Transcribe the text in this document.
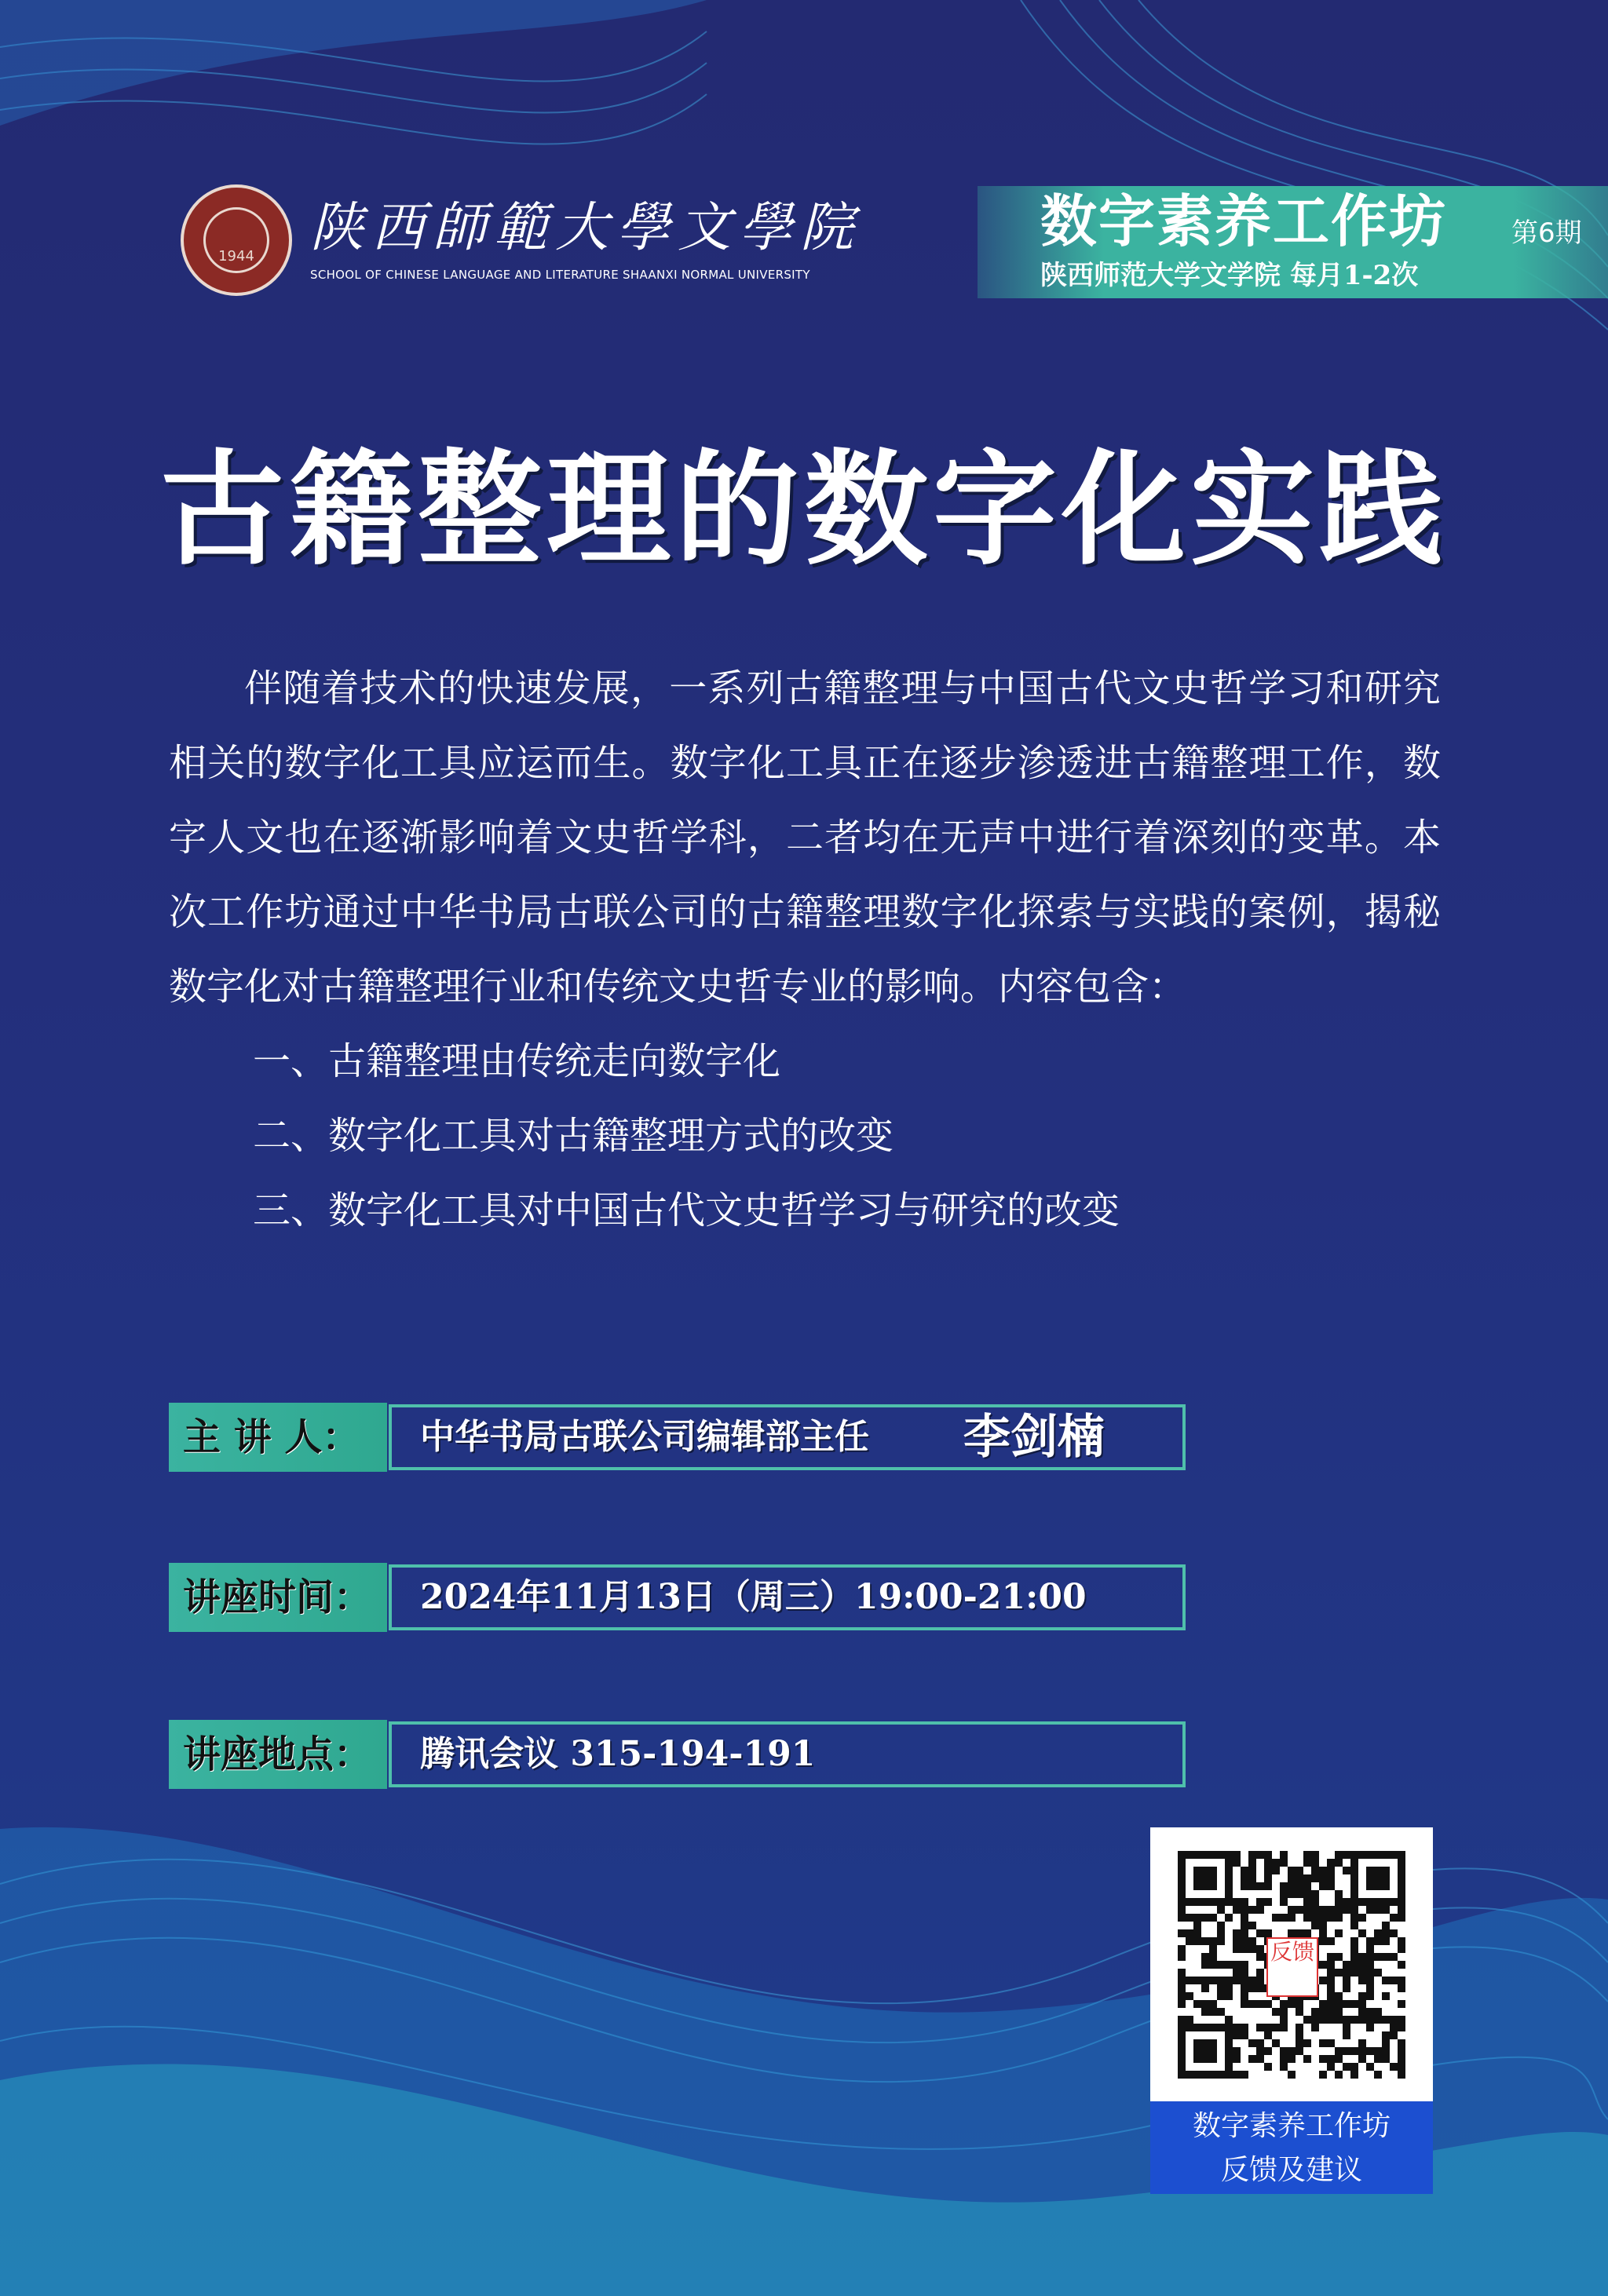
1944 陕西師範大學文學院
SCHOOL OF CHINESE LANGUAGE AND LITERATURE SHAANXI NORMAL UNIVERSITY
数字素养工作坊 第6期
陕西师范大学文学院 每月1-2次
古籍整理的数字化实践

伴随着技术的快速发展，一系列古籍整理与中国古代文史哲学习和研究相关的数字化工具应运而生。数字化工具正在逐步渗透进古籍整理工作，数字人文也在逐渐影响着文史哲学科，二者均在无声中进行着深刻的变革。本次工作坊通过中华书局古联公司的古籍整理数字化探索与实践的案例，揭秘数字化对古籍整理行业和传统文史哲专业的影响。内容包含：

一、古籍整理由传统走向数字化
二、数字化工具对古籍整理方式的改变
三、数字化工具对中国古代文史哲学习与研究的改变
主 讲 人：	中华书局古联公司编辑部主任 李剑楠
讲座时间：	2024年11月13日（周三）19:00-21:00
讲座地点：	腾讯会议 315-194-191
反馈
数字素养工作坊
反馈及建议
